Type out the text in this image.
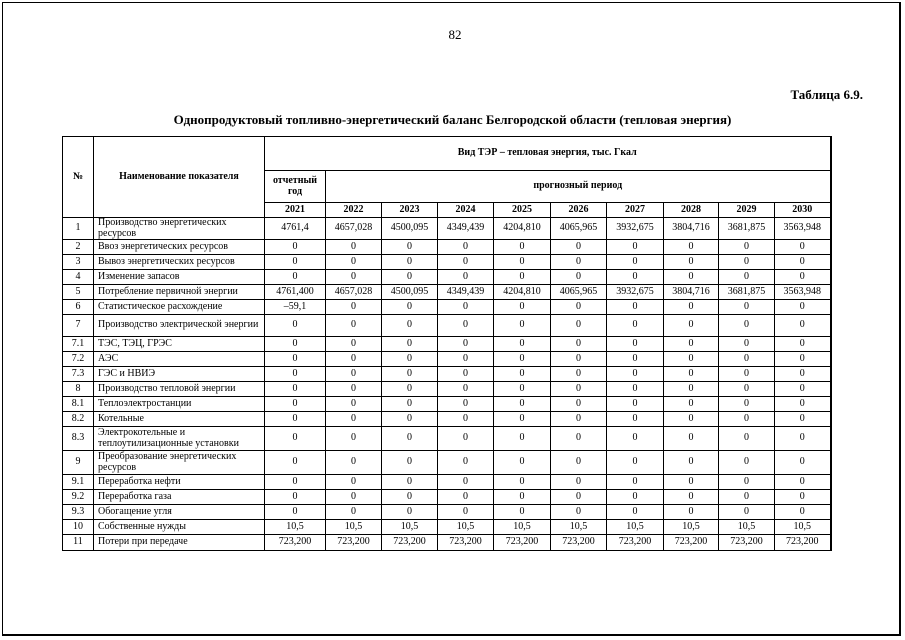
82
Таблица 6.9.
Однопродуктовый топливно-энергетический баланс Белгородской области (тепловая энергия)
№	Наименование показателя	Вид ТЭР – тепловая энергия, тыс. Гкал									
		отчетный год	прогнозный период								
		2021	2022	2023	2024	2025	2026	2027	2028	2029	2030
1	Производство энергетических ресурсов	4761,4	4657,028	4500,095	4349,439	4204,810	4065,965	3932,675	3804,716	3681,875	3563,948
2	Ввоз энергетических ресурсов	0	0	0	0	0	0	0	0	0	0
3	Вывоз энергетических ресурсов	0	0	0	0	0	0	0	0	0	0
4	Изменение запасов	0	0	0	0	0	0	0	0	0	0
5	Потребление первичной энергии	4761,400	4657,028	4500,095	4349,439	4204,810	4065,965	3932,675	3804,716	3681,875	3563,948
6	Статистическое расхождение	–59,1	0	0	0	0	0	0	0	0	0
7	Производство электрической энергии	0	0	0	0	0	0	0	0	0	0
7.1	ТЭС, ТЭЦ, ГРЭС	0	0	0	0	0	0	0	0	0	0
7.2	АЭС	0	0	0	0	0	0	0	0	0	0
7.3	ГЭС и НВИЭ	0	0	0	0	0	0	0	0	0	0
8	Производство тепловой энергии	0	0	0	0	0	0	0	0	0	0
8.1	Теплоэлектростанции	0	0	0	0	0	0	0	0	0	0
8.2	Котельные	0	0	0	0	0	0	0	0	0	0
8.3	Электрокотельные и теплоутилизационные установки	0	0	0	0	0	0	0	0	0	0
9	Преобразование энергетических ресурсов	0	0	0	0	0	0	0	0	0	0
9.1	Переработка нефти	0	0	0	0	0	0	0	0	0	0
9.2	Переработка газа	0	0	0	0	0	0	0	0	0	0
9.3	Обогащение угля	0	0	0	0	0	0	0	0	0	0
10	Собственные нужды	10,5	10,5	10,5	10,5	10,5	10,5	10,5	10,5	10,5	10,5
11	Потери при передаче	723,200	723,200	723,200	723,200	723,200	723,200	723,200	723,200	723,200	723,200
